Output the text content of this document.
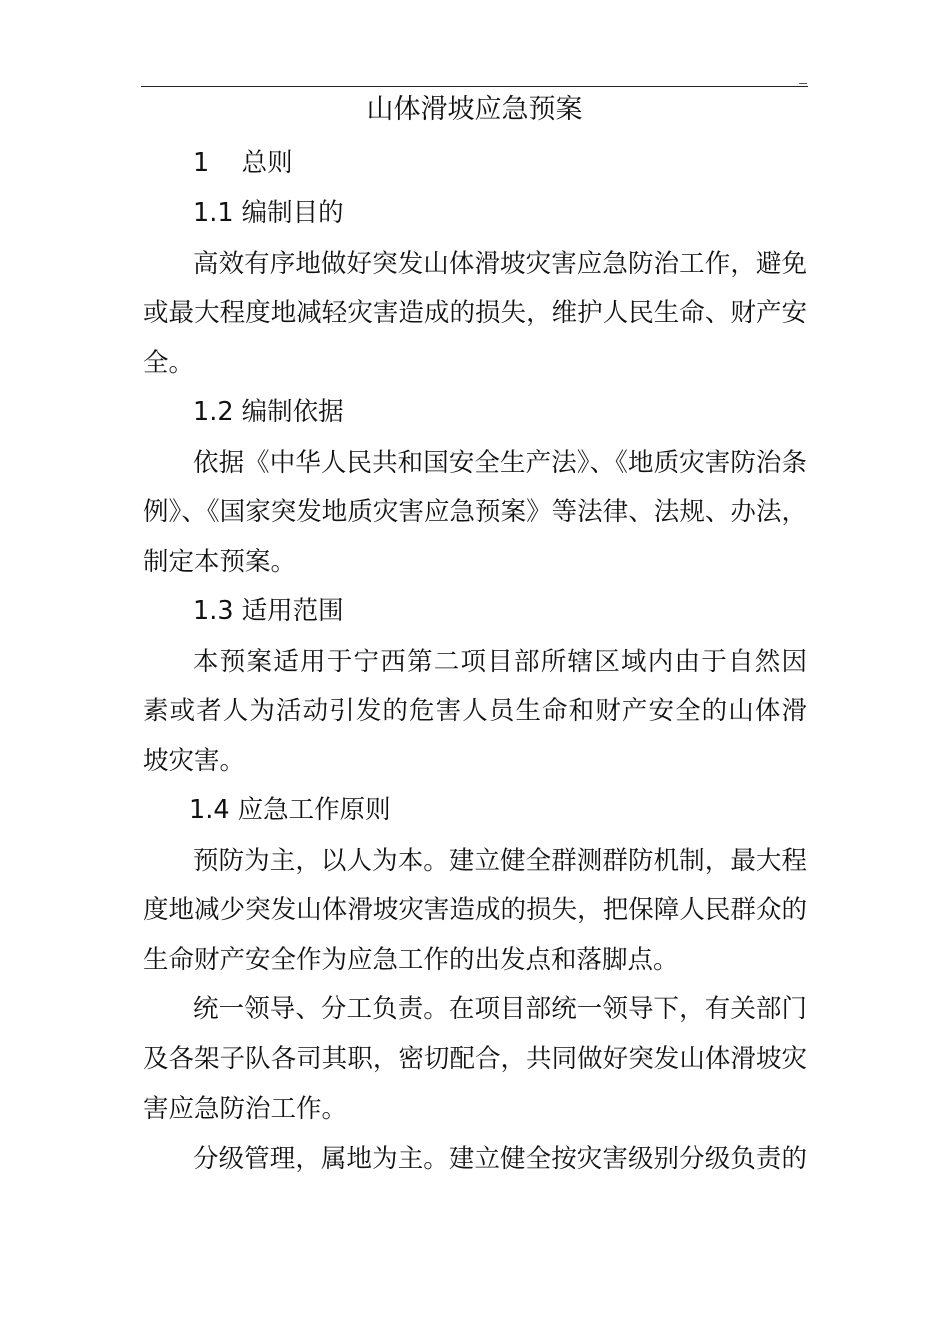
山体滑坡应急预案
1    总则
1.1 编制目的
高效有序地做好突发山体滑坡灾害应急防治工作，避免
或最大程度地减轻灾害造成的损失，维护人民生命、财产安
全。
1.2 编制依据
依据《中华人民共和国安全生产法》、《地质灾害防治条
例》、《国家突发地质灾害应急预案》等法律、法规、办法，
制定本预案。
1.3 适用范围
本预案适用于宁西第二项目部所辖区域内由于自然因
素或者人为活动引发的危害人员生命和财产安全的山体滑
坡灾害。
1.4 应急工作原则
预防为主，以人为本。建立健全群测群防机制，最大程
度地减少突发山体滑坡灾害造成的损失，把保障人民群众的
生命财产安全作为应急工作的出发点和落脚点。
统一领导、分工负责。在项目部统一领导下，有关部门
及各架子队各司其职，密切配合，共同做好突发山体滑坡灾
害应急防治工作。
分级管理，属地为主。建立健全按灾害级别分级负责的
